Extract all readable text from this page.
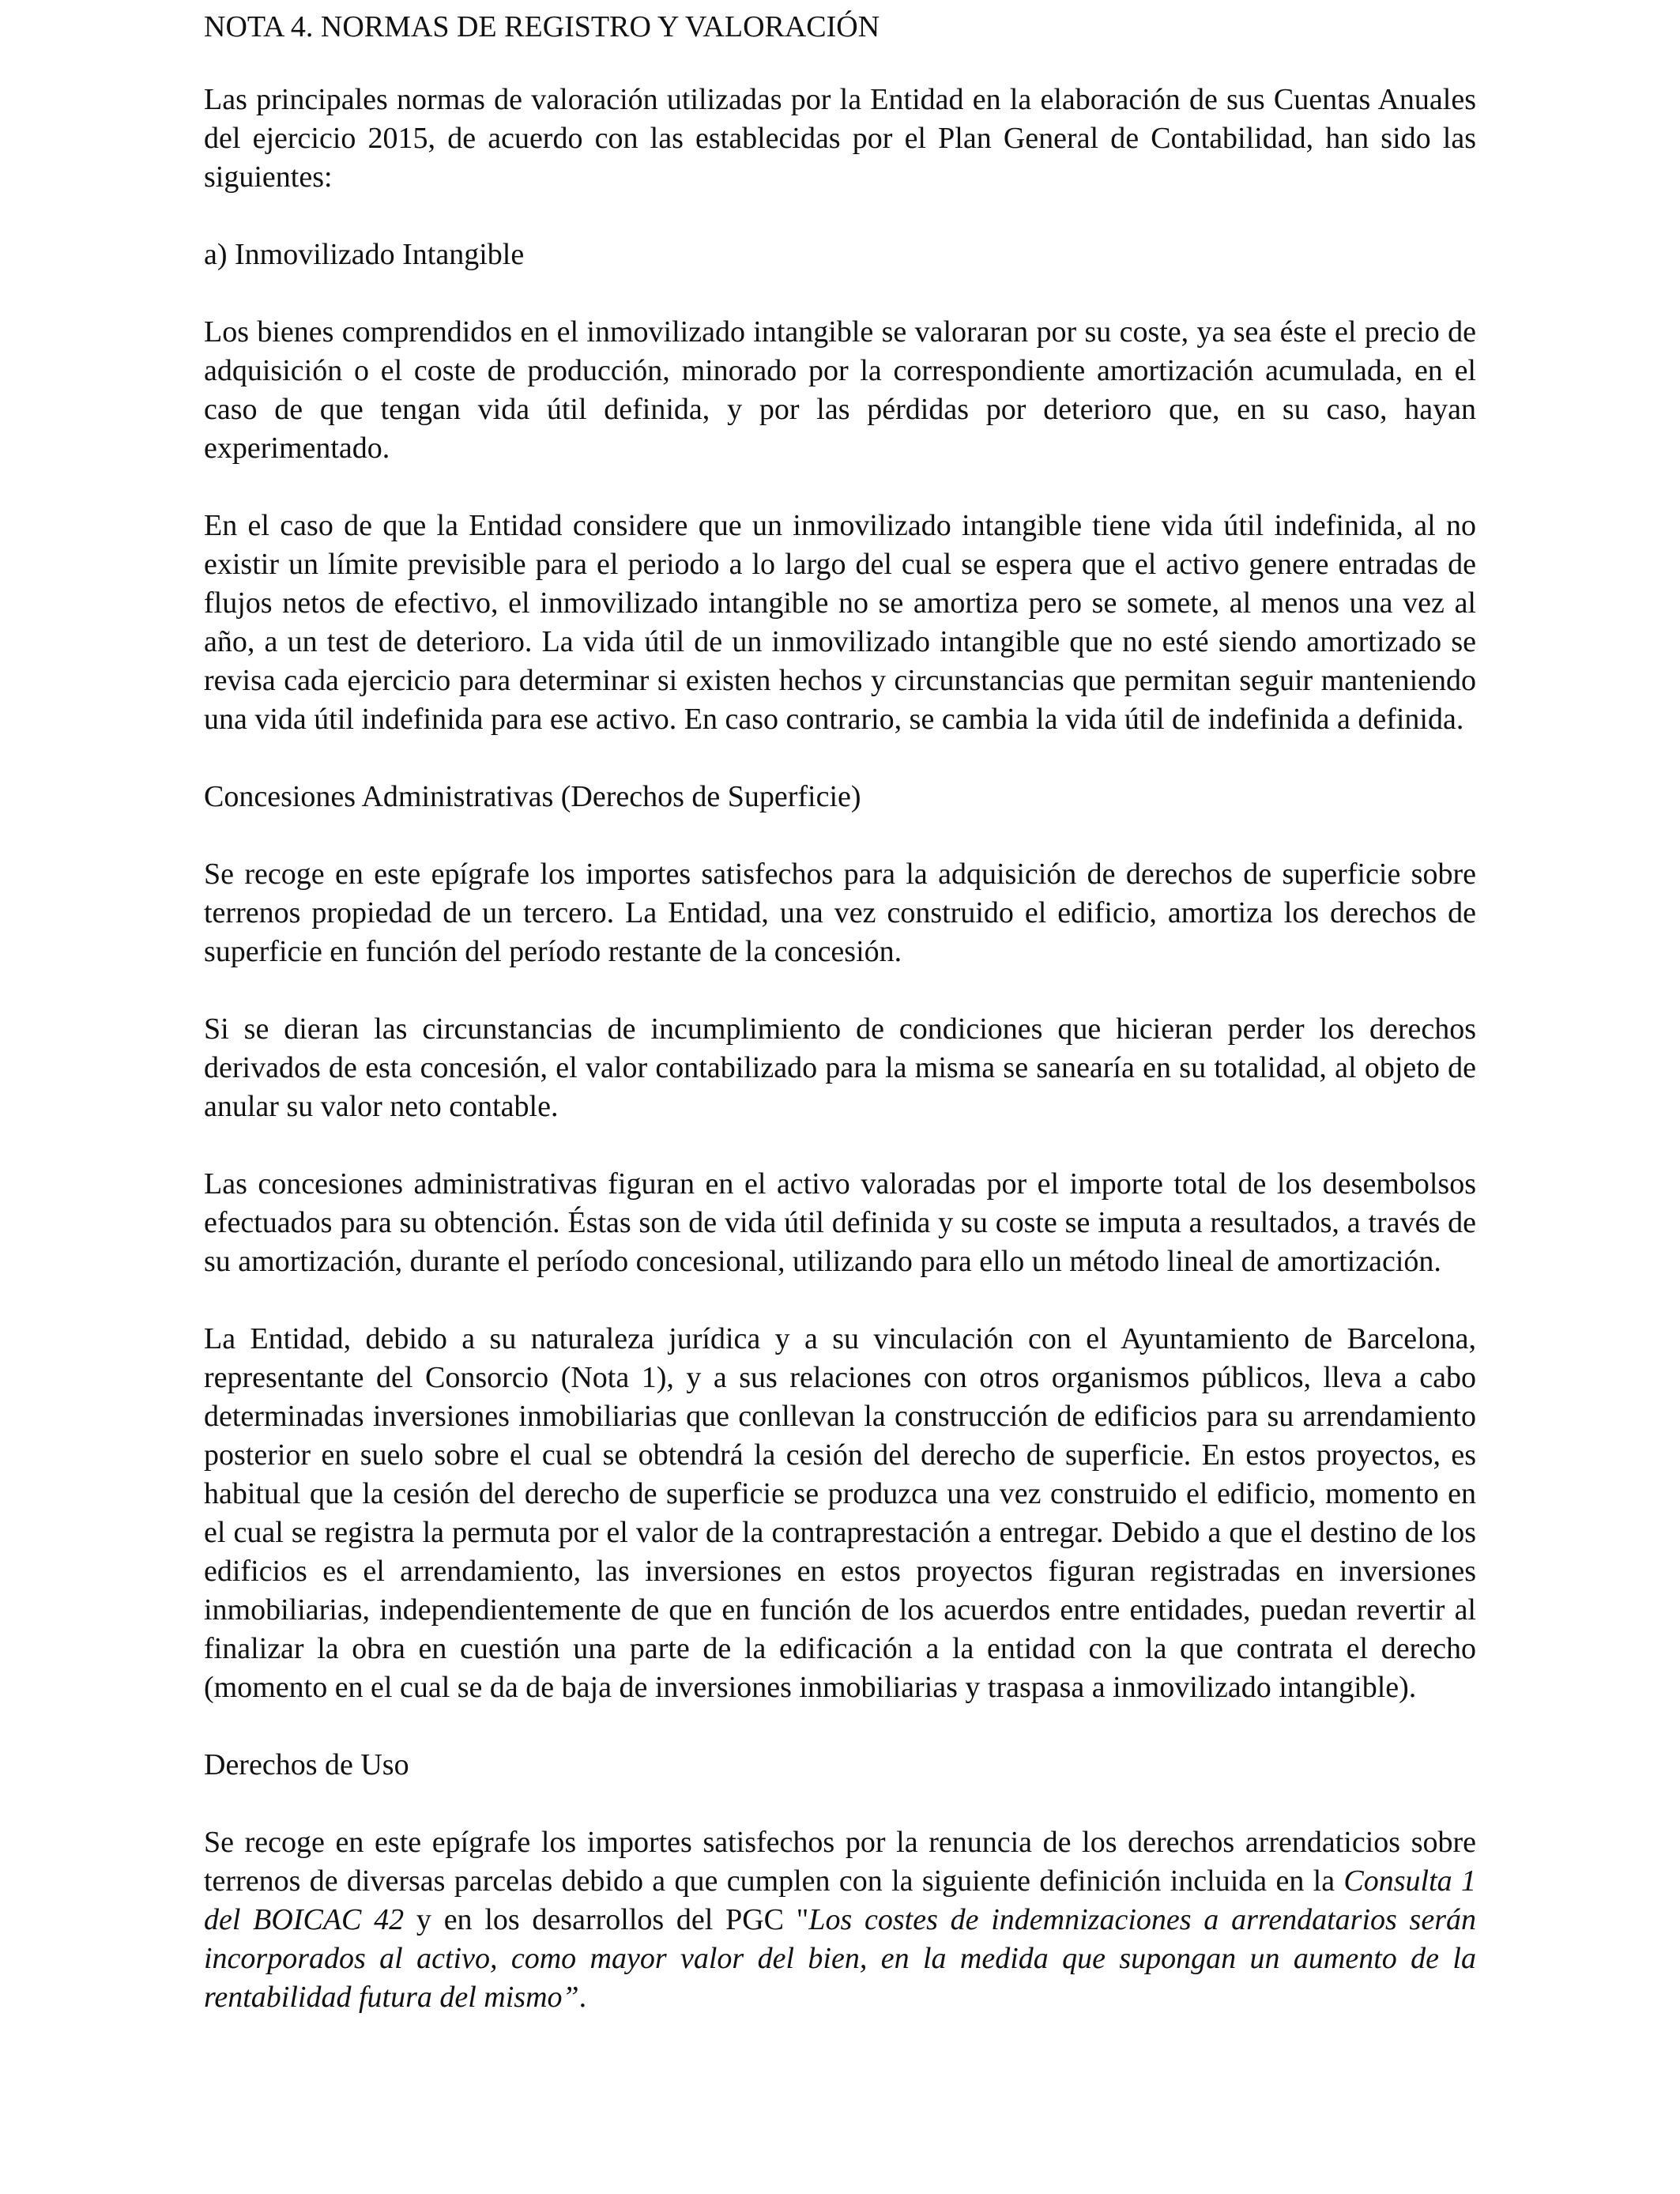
NOTA 4. NORMAS DE REGISTRO Y VALORACIÓN

Las principales normas de valoración utilizadas por la Entidad en la elaboración de sus Cuentas Anuales del ejercicio 2015, de acuerdo con las establecidas por el Plan General de Contabilidad, han sido las siguientes:

a) Inmovilizado Intangible

Los bienes comprendidos en el inmovilizado intangible se valoraran por su coste, ya sea éste el precio de adquisición o el coste de producción, minorado por la correspondiente amortización acumulada, en el caso de que tengan vida útil definida, y por las pérdidas por deterioro que, en su caso, hayan experimentado.

En el caso de que la Entidad considere que un inmovilizado intangible tiene vida útil indefinida, al no existir un límite previsible para el periodo a lo largo del cual se espera que el activo genere entradas de flujos netos de efectivo, el inmovilizado intangible no se amortiza pero se somete, al menos una vez al año, a un test de deterioro. La vida útil de un inmovilizado intangible que no esté siendo amortizado se revisa cada ejercicio para determinar si existen hechos y circunstancias que permitan seguir manteniendo una vida útil indefinida para ese activo. En caso contrario, se cambia la vida útil de indefinida a definida.

Concesiones Administrativas (Derechos de Superficie)

Se recoge en este epígrafe los importes satisfechos para la adquisición de derechos de superficie sobre terrenos propiedad de un tercero. La Entidad, una vez construido el edificio, amortiza los derechos de superficie en función del período restante de la concesión.

Si se dieran las circunstancias de incumplimiento de condiciones que hicieran perder los derechos derivados de esta concesión, el valor contabilizado para la misma se sanearía en su totalidad, al objeto de anular su valor neto contable.

Las concesiones administrativas figuran en el activo valoradas por el importe total de los desembolsos efectuados para su obtención. Éstas son de vida útil definida y su coste se imputa a resultados, a través de su amortización, durante el período concesional, utilizando para ello un método lineal de amortización.

La Entidad, debido a su naturaleza jurídica y a su vinculación con el Ayuntamiento de Barcelona, representante del Consorcio (Nota 1), y a sus relaciones con otros organismos públicos, lleva a cabo determinadas inversiones inmobiliarias que conllevan la construcción de edificios para su arrendamiento posterior en suelo sobre el cual se obtendrá la cesión del derecho de superficie. En estos proyectos, es habitual que la cesión del derecho de superficie se produzca una vez construido el edificio, momento en el cual se registra la permuta por el valor de la contraprestación a entregar. Debido a que el destino de los edificios es el arrendamiento, las inversiones en estos proyectos figuran registradas en inversiones inmobiliarias, independientemente de que en función de los acuerdos entre entidades, puedan revertir al finalizar la obra en cuestión una parte de la edificación a la entidad con la que contrata el derecho (momento en el cual se da de baja de inversiones inmobiliarias y traspasa a inmovilizado intangible).

Derechos de Uso

Se recoge en este epígrafe los importes satisfechos por la renuncia de los derechos arrendaticios sobre terrenos de diversas parcelas debido a que cumplen con la siguiente definición incluida en la Consulta 1 del BOICAC 42 y en los desarrollos del PGC "Los costes de indemnizaciones a arrendatarios serán incorporados al activo, como mayor valor del bien, en la medida que supongan un aumento de la rentabilidad futura del mismo”.
